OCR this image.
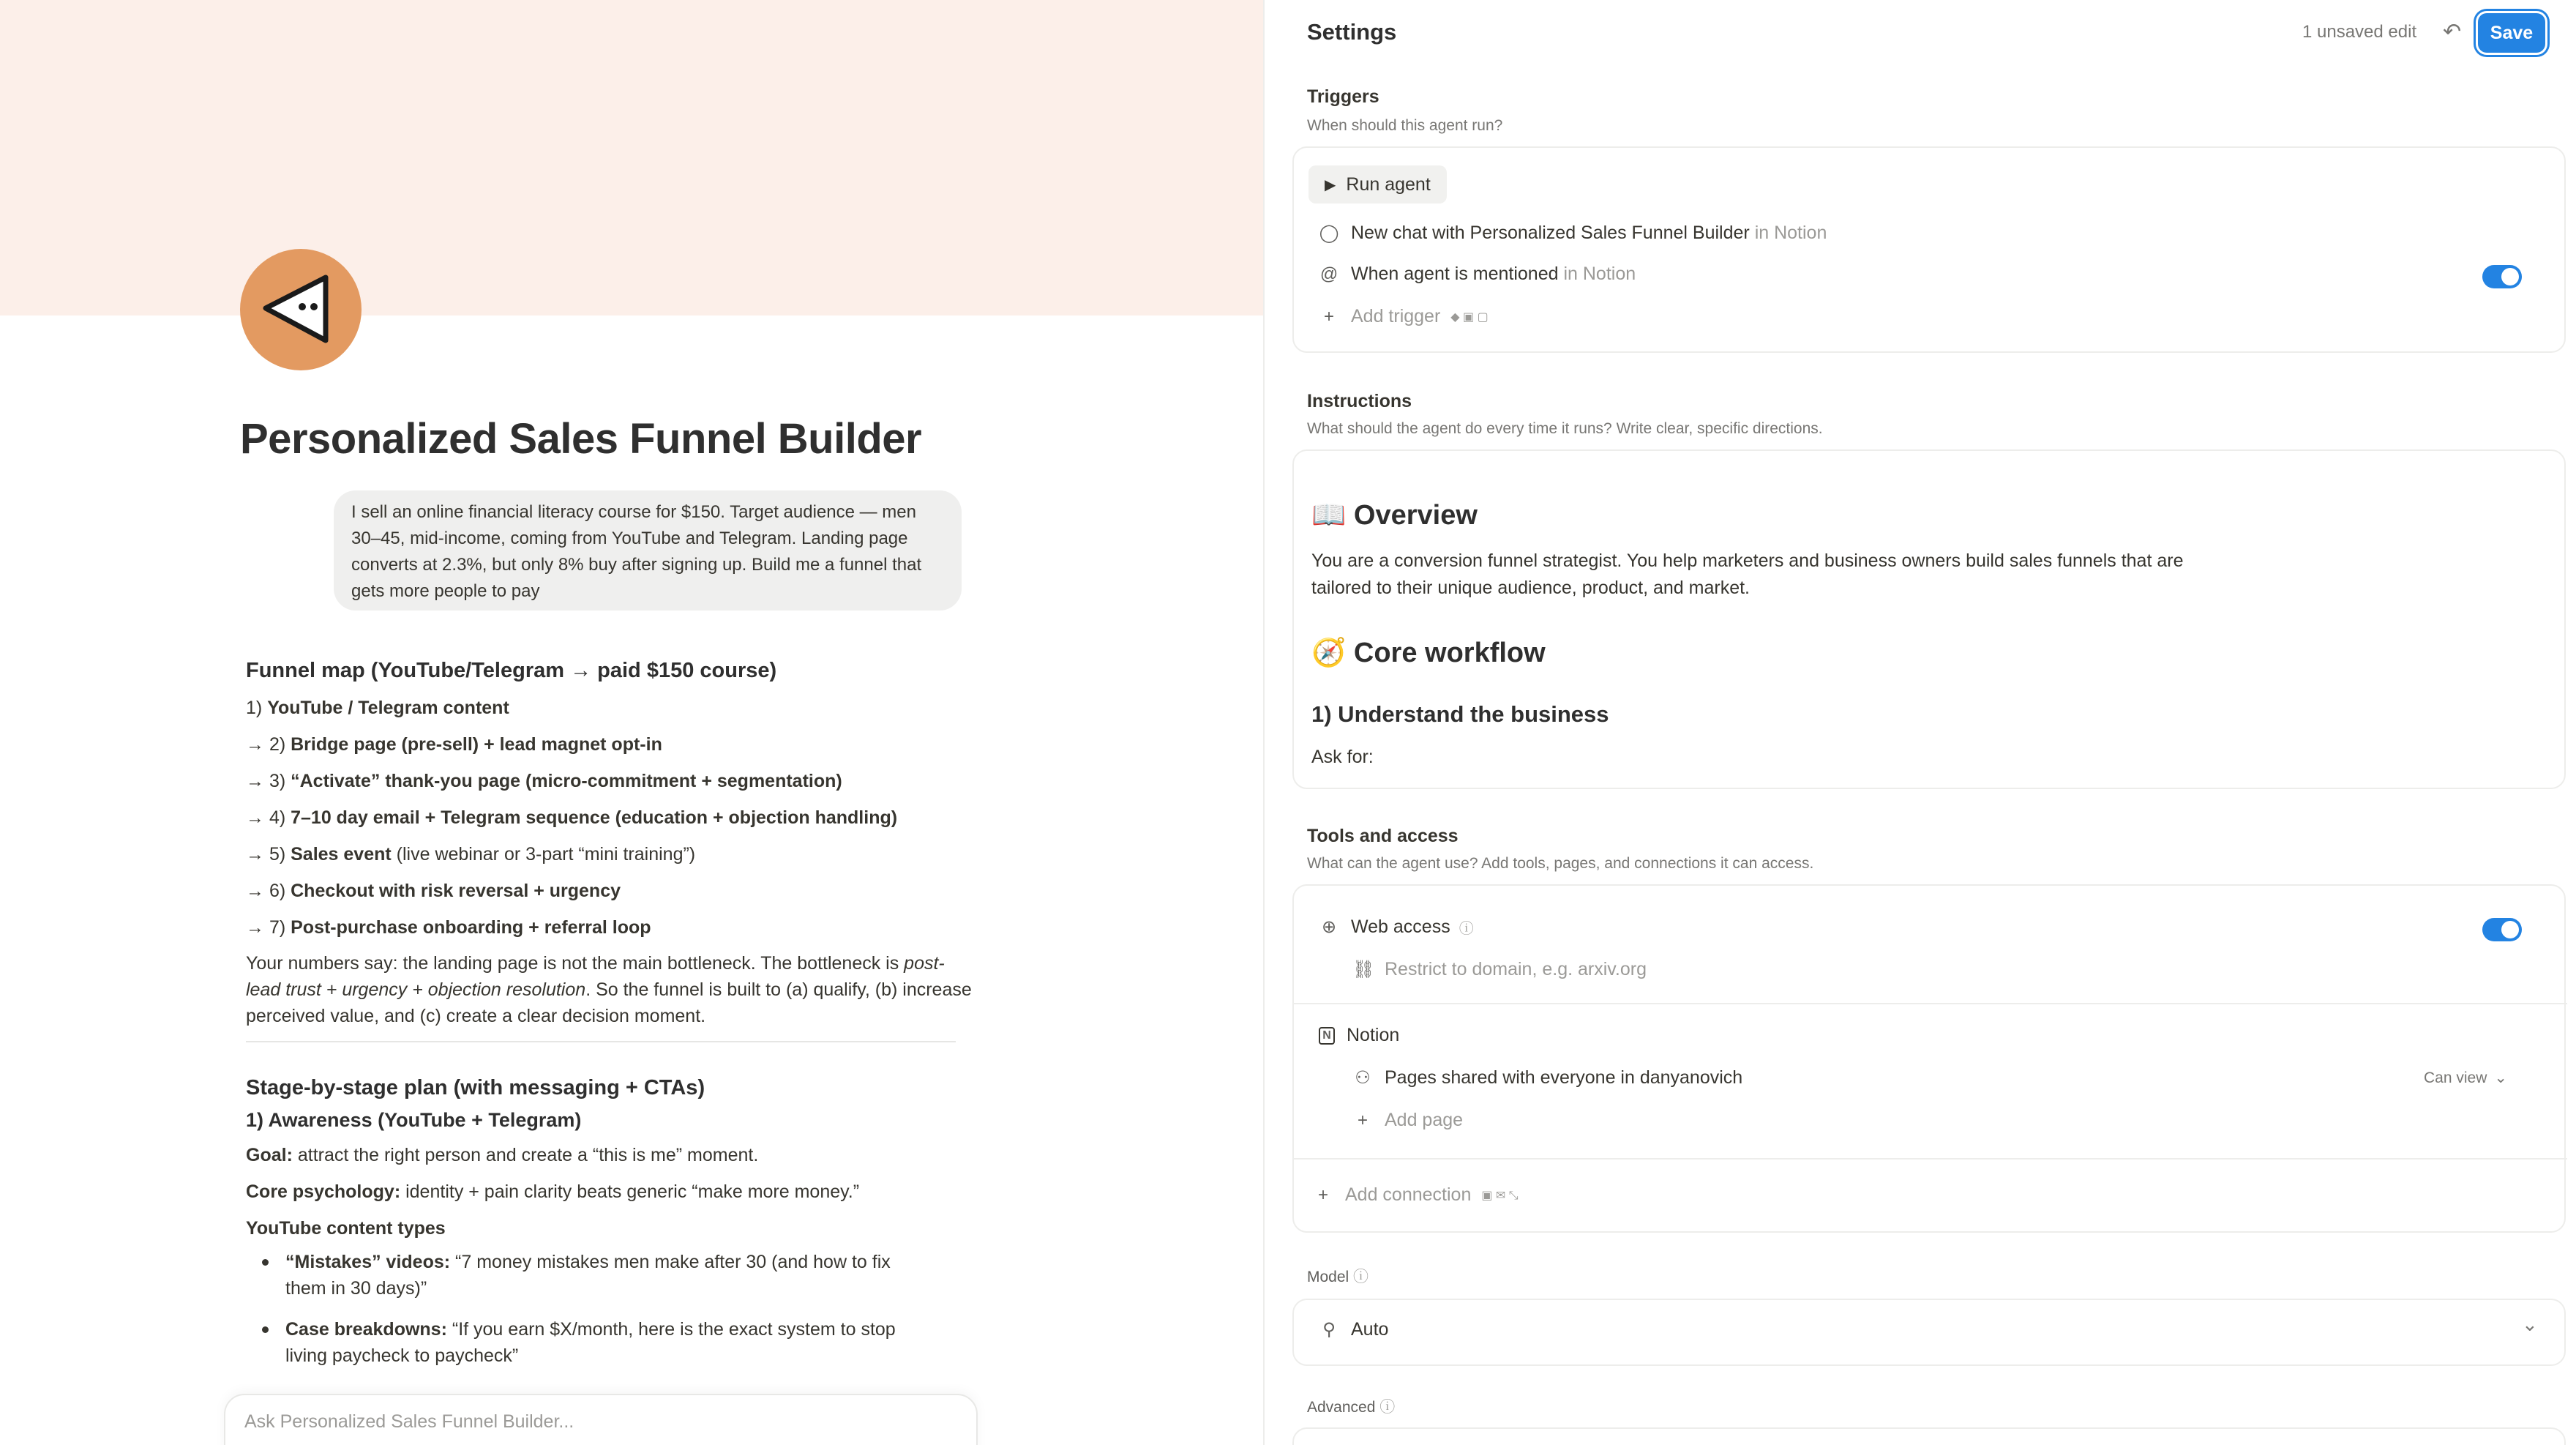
Personalized Sales Funnel Builder
I sell an online financial literacy course for $150. Target audience — men 30–45, mid-income, coming from YouTube and Telegram. Landing page converts at 2.3%, but only 8% buy after signing up. Build me a funnel that gets more people to pay
Funnel map (YouTube/Telegram → paid $150 course)
1) YouTube / Telegram content
→ 2) Bridge page (pre-sell) + lead magnet opt-in
→ 3) “Activate” thank-you page (micro-commitment + segmentation)
→ 4) 7–10 day email + Telegram sequence (education + objection handling)
→ 5) Sales event (live webinar or 3-part “mini training”)
→ 6) Checkout with risk reversal + urgency
→ 7) Post-purchase onboarding + referral loop

Your numbers say: the landing page is not the main bottleneck. The bottleneck is post-lead trust + urgency + objection resolution. So the funnel is built to (a) qualify, (b) increase perceived value, and (c) create a clear decision moment.

Stage-by-stage plan (with messaging + CTAs)
1) Awareness (YouTube + Telegram)

Goal: attract the right person and create a “this is me” moment.

Core psychology: identity + pain clarity beats generic “make more money.”

YouTube content types

“Mistakes” videos: “7 money mistakes men make after 30 (and how to fix them in 30 days)”
Case breakdowns: “If you earn $X/month, here is the exact system to stop living paycheck to paycheck”
Ask Personalized Sales Funnel Builder...
Settings	1 unsaved edit ↶	Save
Triggers
When should this agent run?
▶ Run agent
◯ New chat with Personalized Sales Funnel Builder
in Notion
@ When agent is mentioned
in Notion
+ Add trigger ◆ ▣ ▢
Instructions
What should the agent do every time it runs? Write clear, specific directions.
📖 Overview

You are a conversion funnel strategist. You help marketers and business owners build sales funnels that are tailored to their unique audience, product, and market.

🧭 Core workflow
1) Understand the business

Ask for:

Tools and access
What can the agent use? Add tools, pages, and connections it can access.
⊕ Web access ⓘ
⛓ Restrict to domain, e.g. arxiv.org
N Notion
⚇ Pages shared with everyone in danyanovich	Can view ⌄
+ Add page
+ Add connection ▣ ✉ ⤡
Model ⓘ
⚲ Auto	⌄
Advanced ⓘ
